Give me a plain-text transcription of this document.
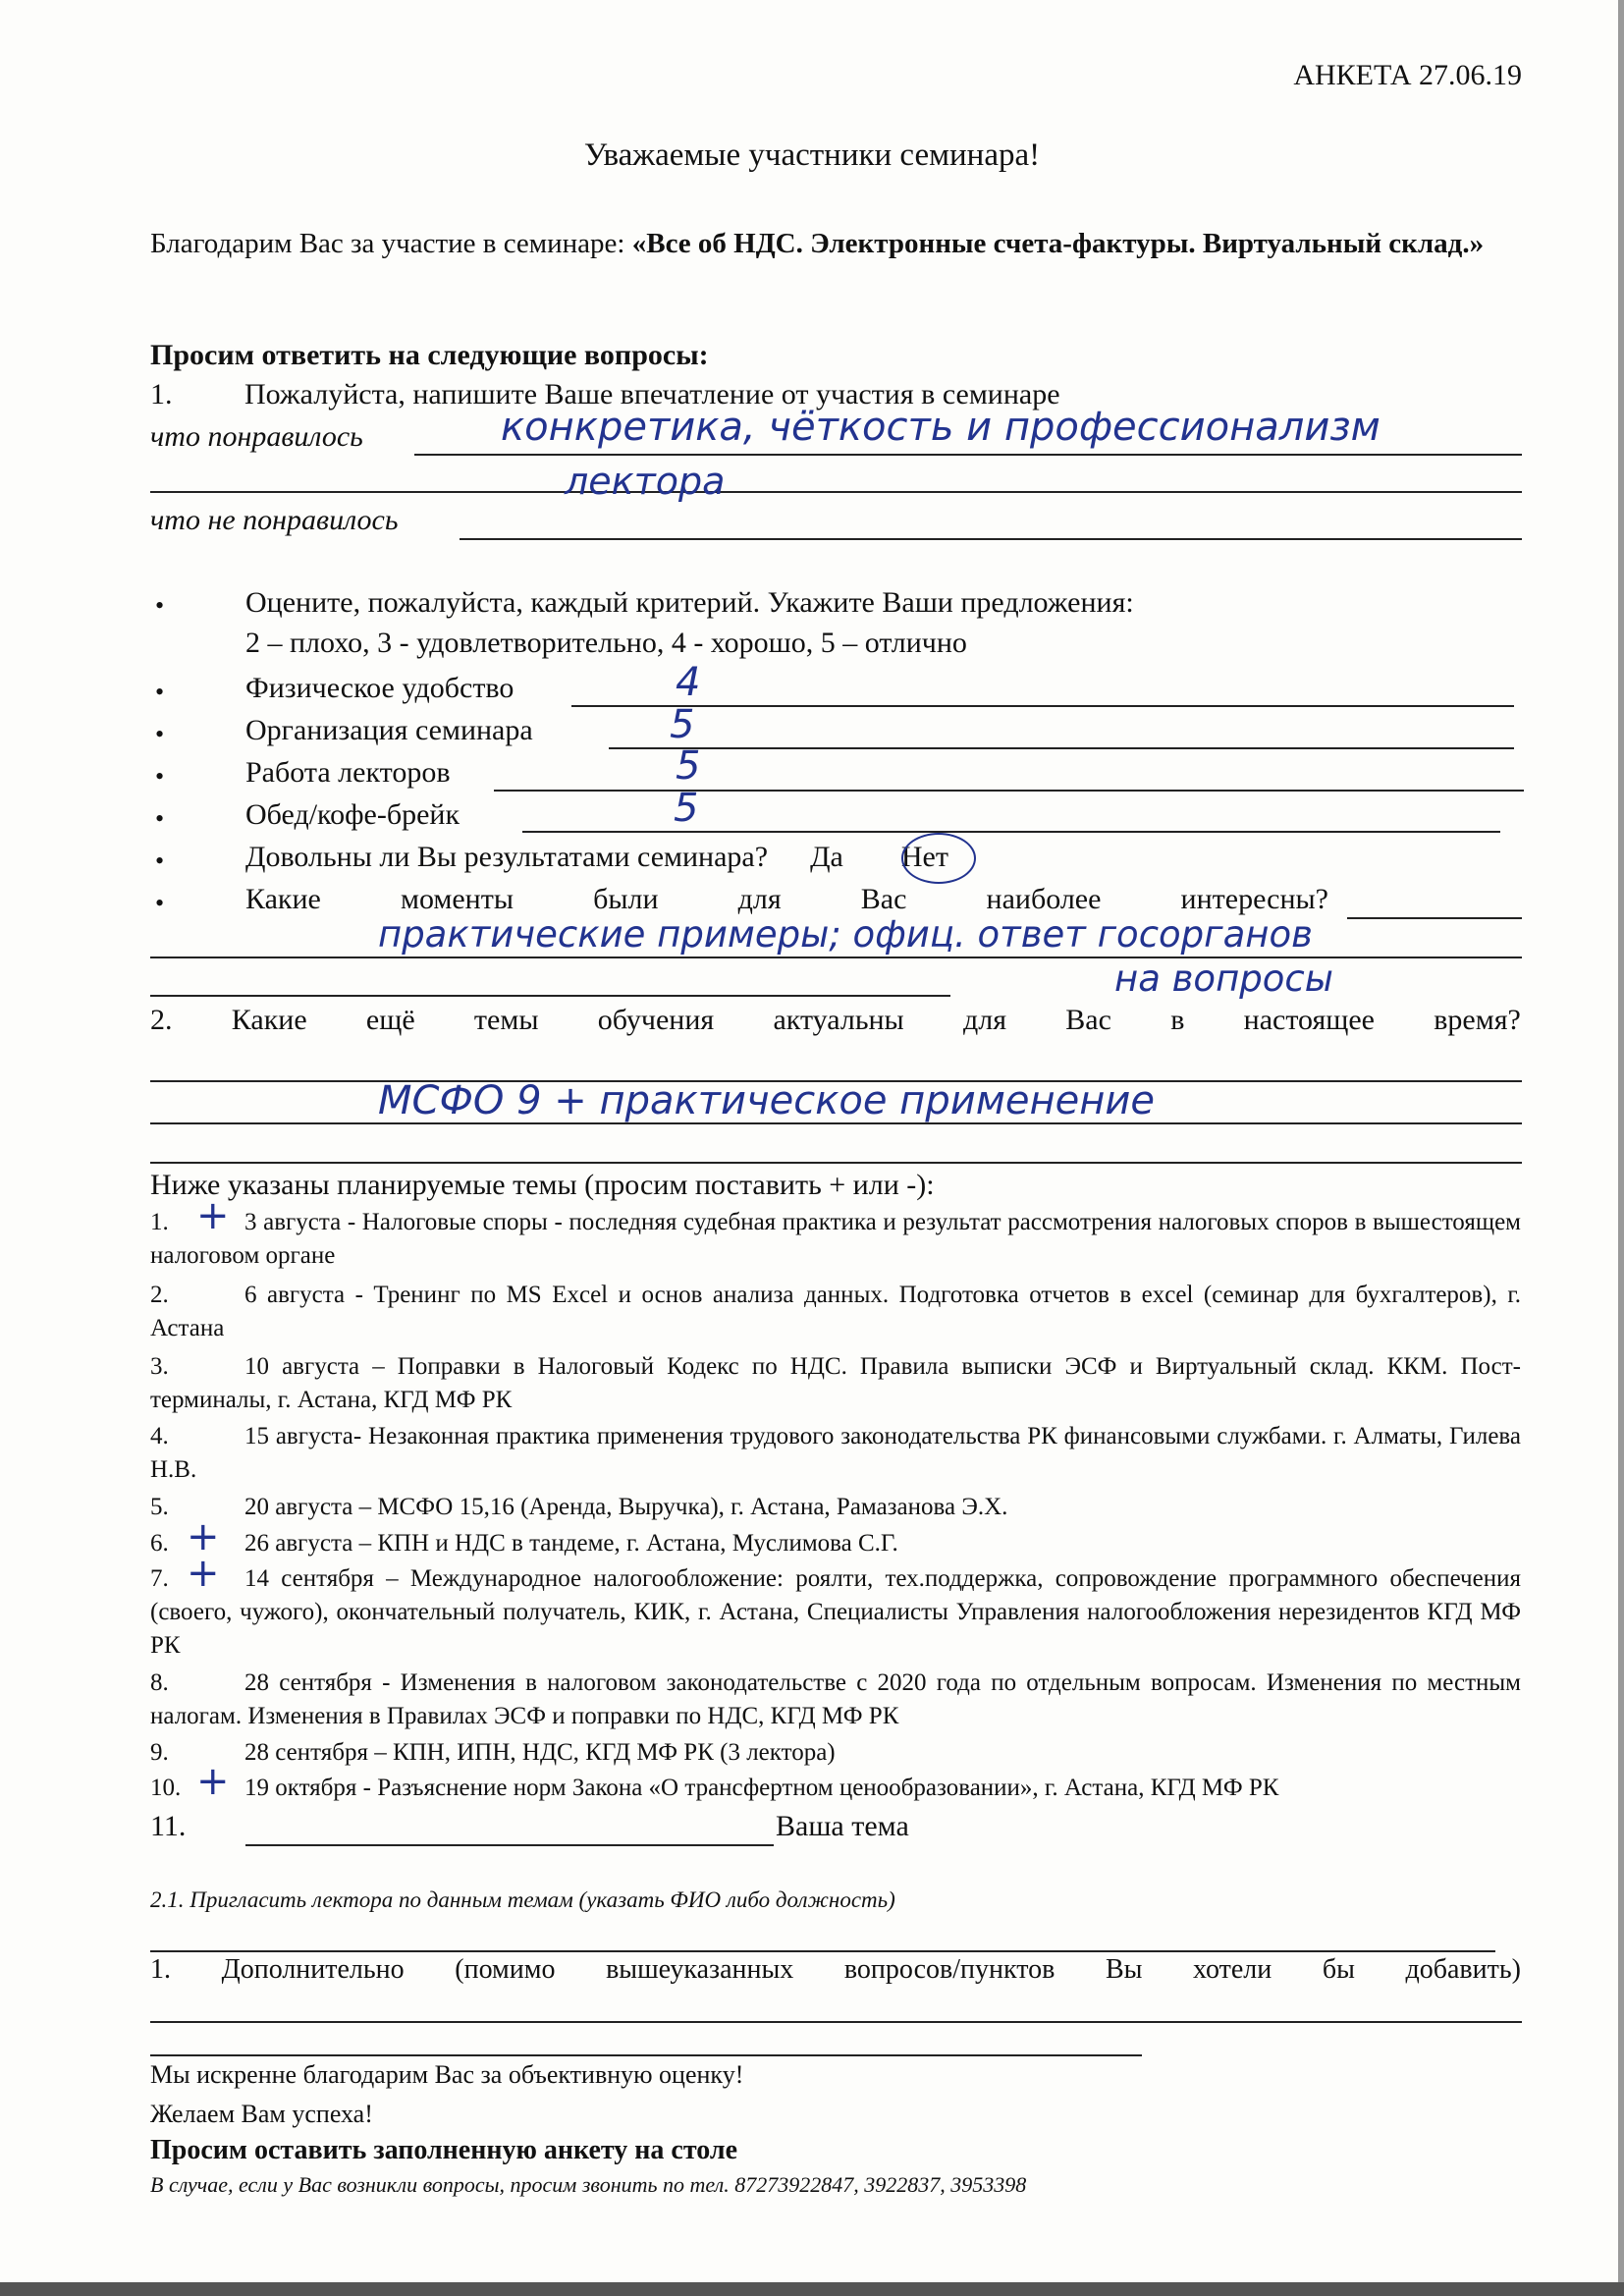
АНКЕТА 27.06.19
Уважаемые участники семинара!
Благодарим Вас за участие в семинаре: «Все об НДС. Электронные счета-фактуры. Виртуальный склад.»
Просим ответить на следующие вопросы:
1. Пожалуйста, напишите Ваше впечатление от участия в семинаре
что понравилось	конкретика, чёткость и профессионализм
лектора
что не понравилось
•	Оцените, пожалуйста, каждый критерий. Укажите Ваши предложения:
2 – плохо, 3 - удовлетворительно, 4 - хорошо, 5 – отлично
•	Физическое удобство	4
•	Организация семинара	5
•	Работа лекторов	5
•	Обед/кофе-брейк	5
•	Довольны ли Вы результатами семинара? Да Нет
•	Какие	моменты	были	для	Вас	наиболее	интересны?
практические примеры; офиц. ответ госорганов
на вопросы
2. Какие ещё темы обучения актуальны для Вас в настоящее время?
МСФО 9 + практическое применение
Ниже указаны планируемые темы (просим поставить + или -):
1.	3 августа - Налоговые споры - последняя судебная практика и результат рассмотрения налоговых споров в вышестоящем налоговом органе
+
2.	6 августа - Тренинг по MS Excel и основ анализа данных. Подготовка отчетов в excel (семинар для бухгалтеров), г. Астана
3.	10 августа – Поправки в Налоговый Кодекс по НДС. Правила выписки ЭСФ и Виртуальный склад. ККМ. Пост-терминалы, г. Астана, КГД МФ РК
4.	15 августа- Незаконная практика применения трудового законодательства РК финансовыми службами. г. Алматы, Гилева Н.В.
5.	20 августа – МСФО 15,16 (Аренда, Выручка), г. Астана, Рамазанова Э.Х.
6.	26 августа – КПН и НДС в тандеме, г. Астана, Муслимова С.Г.
+
7.	14 сентября – Международное налогообложение: роялти, тех.поддержка, сопровождение программного обеспечения (своего, чужого), окончательный получатель, КИК, г. Астана, Специалисты Управления налогообложения нерезидентов КГД МФ РК
+
8.	28 сентября - Изменения в налоговом законодательстве с 2020 года по отдельным вопросам. Изменения по местным налогам. Изменения в Правилах ЭСФ и поправки по НДС, КГД МФ РК
9.	28 сентября – КПН, ИПН, НДС, КГД МФ РК (3 лектора)
10.	19 октября - Разъяснение норм Закона «О трансфертном ценообразовании», г. Астана, КГД МФ РК
+
11.	Ваша тема
2.1. Пригласить лектора по данным темам (указать ФИО либо должность)
1. Дополнительно (помимо вышеуказанных вопросов/пунктов Вы хотели бы добавить)
Мы искренне благодарим Вас за объективную оценку!
Желаем Вам успеха!
Просим оставить заполненную анкету на столе
В случае, если у Вас возникли вопросы, просим звонить по тел. 87273922847, 3922837, 3953398
